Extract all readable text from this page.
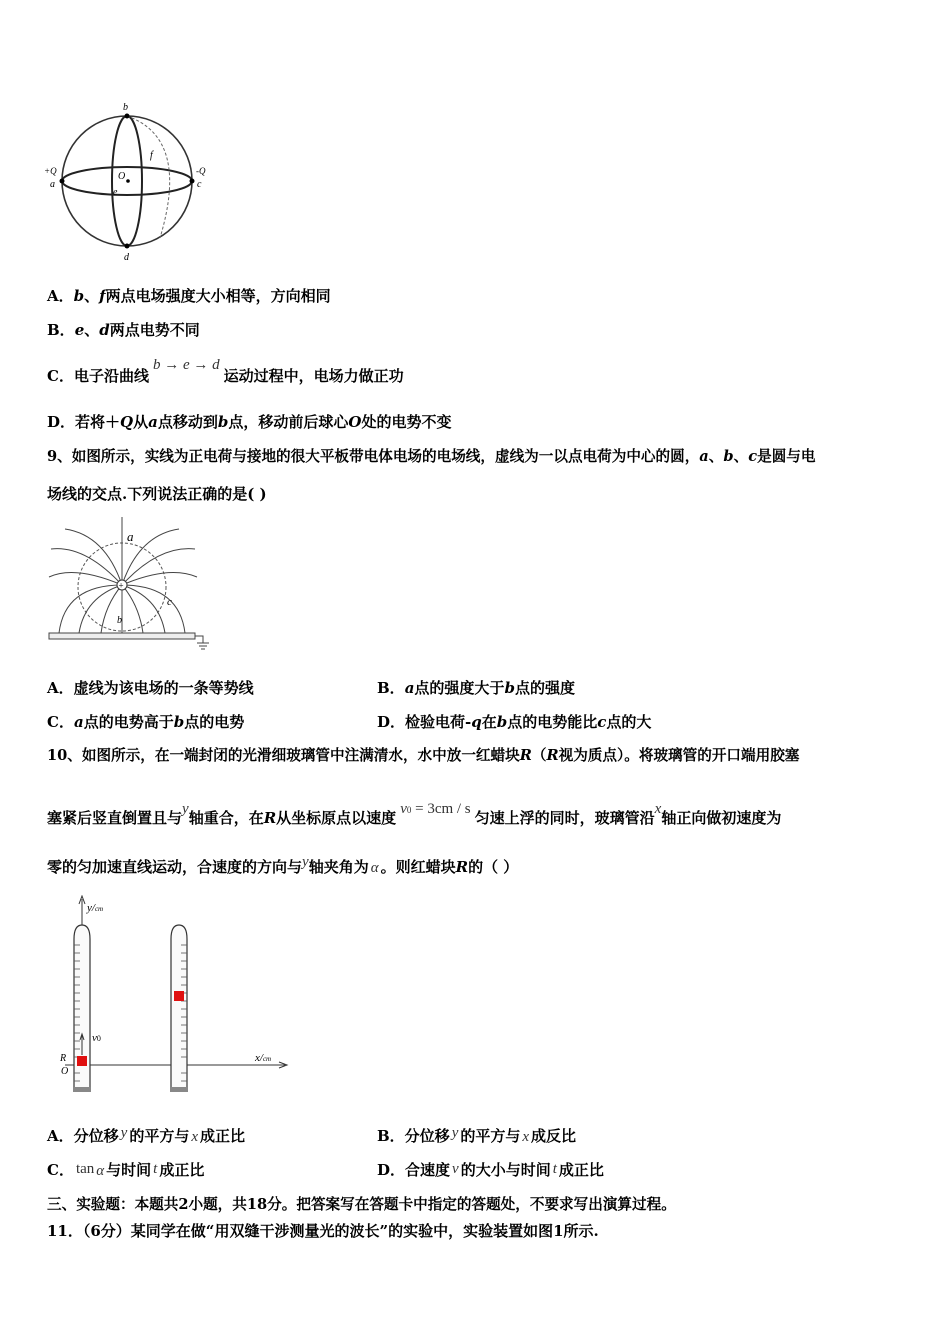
b
d
+Q
a
-Q
c
O
f
e
A．b、f两点电场强度大小相等，方向相同
B．e、d两点电势不同
C．电子沿曲线b → e → d运动过程中，电场力做正功
D．若将＋Q从a点移动到b点，移动前后球心O处的电势不变
9、如图所示，实线为正电荷与接地的很大平板带电体电场的电场线，虚线为一以点电荷为中心的圆，a、b、c是圆与电
场线的交点.下列说法正确的是( )
+
a
b
c
A．虚线为该电场的一条等势线	B．a点的强度大于b点的强度
C．a点的电势高于b点的电势	D．检验电荷-q在b点的电势能比c点的大
10、如图所示，在一端封闭的光滑细玻璃管中注满清水，水中放一红蜡块R（R视为质点）。将玻璃管的开口端用胶塞
塞紧后竖直倒置且与y轴重合，在R从坐标原点以速度 v0 = 3cm / s 匀速上浮的同时，玻璃管沿x轴正向做初速度为
零的匀加速直线运动，合速度的方向与y轴夹角为 α 。则红蜡块R的（ ）
y/cm
x/cm
v0
R
O
A．分位移 y 的平方与 x 成正比	B．分位移 y 的平方与 x 成反比
C． tan α 与时间 t 成正比	D．合速度 v 的大小与时间 t 成正比
三、实验题：本题共2小题，共18分。把答案写在答题卡中指定的答题处，不要求写出演算过程。
11．（6分）某同学在做“用双缝干涉测量光的波长”的实验中，实验装置如图1所示.
